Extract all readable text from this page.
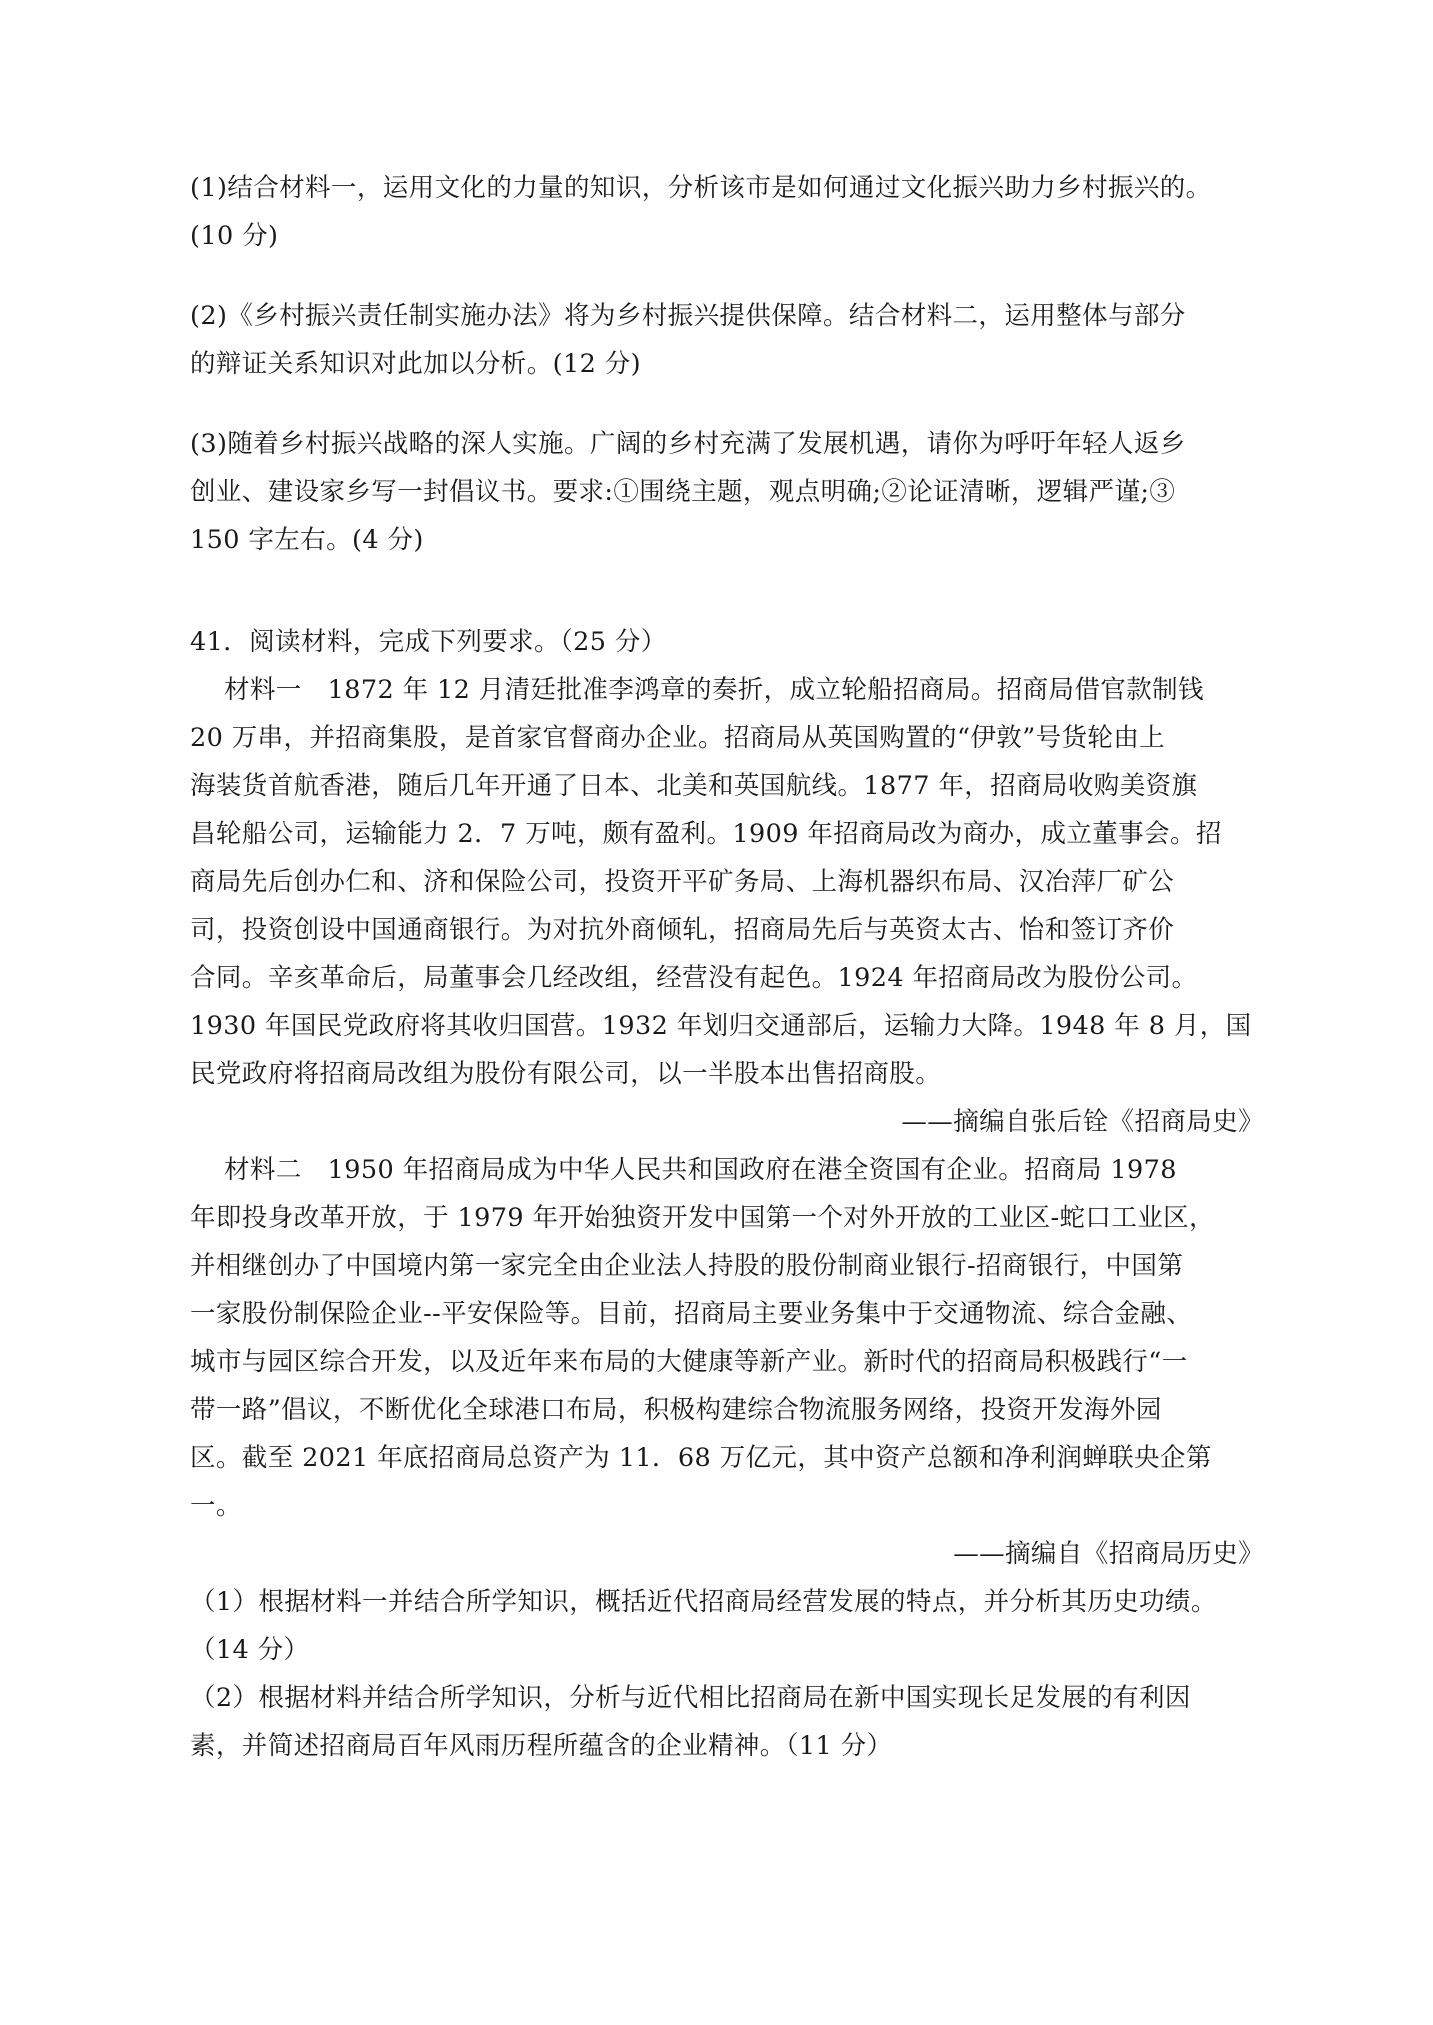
(1)结合材料一，运用文化的力量的知识，分析该市是如何通过文化振兴助力乡村振兴的。
(10 分)
(2)《乡村振兴责任制实施办法》将为乡村振兴提供保障。结合材料二，运用整体与部分
的辩证关系知识对此加以分析。(12 分)
(3)随着乡村振兴战略的深人实施。广阔的乡村充满了发展机遇，请你为呼吁年轻人返乡
创业、建设家乡写一封倡议书。要求:①围绕主题，观点明确;②论证清晰，逻辑严谨;③
150 字左右。(4 分)
41．阅读材料，完成下列要求。（25 分）
材料一　1872 年 12 月清廷批准李鸿章的奏折，成立轮船招商局。招商局借官款制钱
20 万串，并招商集股，是首家官督商办企业。招商局从英国购置的“伊敦”号货轮由上
海装货首航香港，随后几年开通了日本、北美和英国航线。1877 年，招商局收购美资旗
昌轮船公司，运输能力 2．7 万吨，颇有盈利。1909 年招商局改为商办，成立董事会。招
商局先后创办仁和、济和保险公司，投资开平矿务局、上海机器织布局、汉冶萍厂矿公
司，投资创设中国通商银行。为对抗外商倾轧，招商局先后与英资太古、怡和签订齐价
合同。辛亥革命后，局董事会几经改组，经营没有起色。1924 年招商局改为股份公司。
1930 年国民党政府将其收归国营。1932 年划归交通部后，运输力大降。1948 年 8 月，国
民党政府将招商局改组为股份有限公司，以一半股本出售招商股。
——摘编自张后铨《招商局史》
材料二　1950 年招商局成为中华人民共和国政府在港全资国有企业。招商局 1978
年即投身改革开放，于 1979 年开始独资开发中国第一个对外开放的工业区-蛇口工业区，
并相继创办了中国境内第一家完全由企业法人持股的股份制商业银行-招商银行，中国第
一家股份制保险企业--平安保险等。目前，招商局主要业务集中于交通物流、综合金融、
城市与园区综合开发，以及近年来布局的大健康等新产业。新时代的招商局积极践行“一
带一路”倡议，不断优化全球港口布局，积极构建综合物流服务网络，投资开发海外园
区。截至 2021 年底招商局总资产为 11．68 万亿元，其中资产总额和净利润蝉联央企第
一。
——摘编自《招商局历史》
（1）根据材料一并结合所学知识，概括近代招商局经营发展的特点，并分析其历史功绩。
（14 分）
（2）根据材料并结合所学知识，分析与近代相比招商局在新中国实现长足发展的有利因
素，并简述招商局百年风雨历程所蕴含的企业精神。（11 分）
